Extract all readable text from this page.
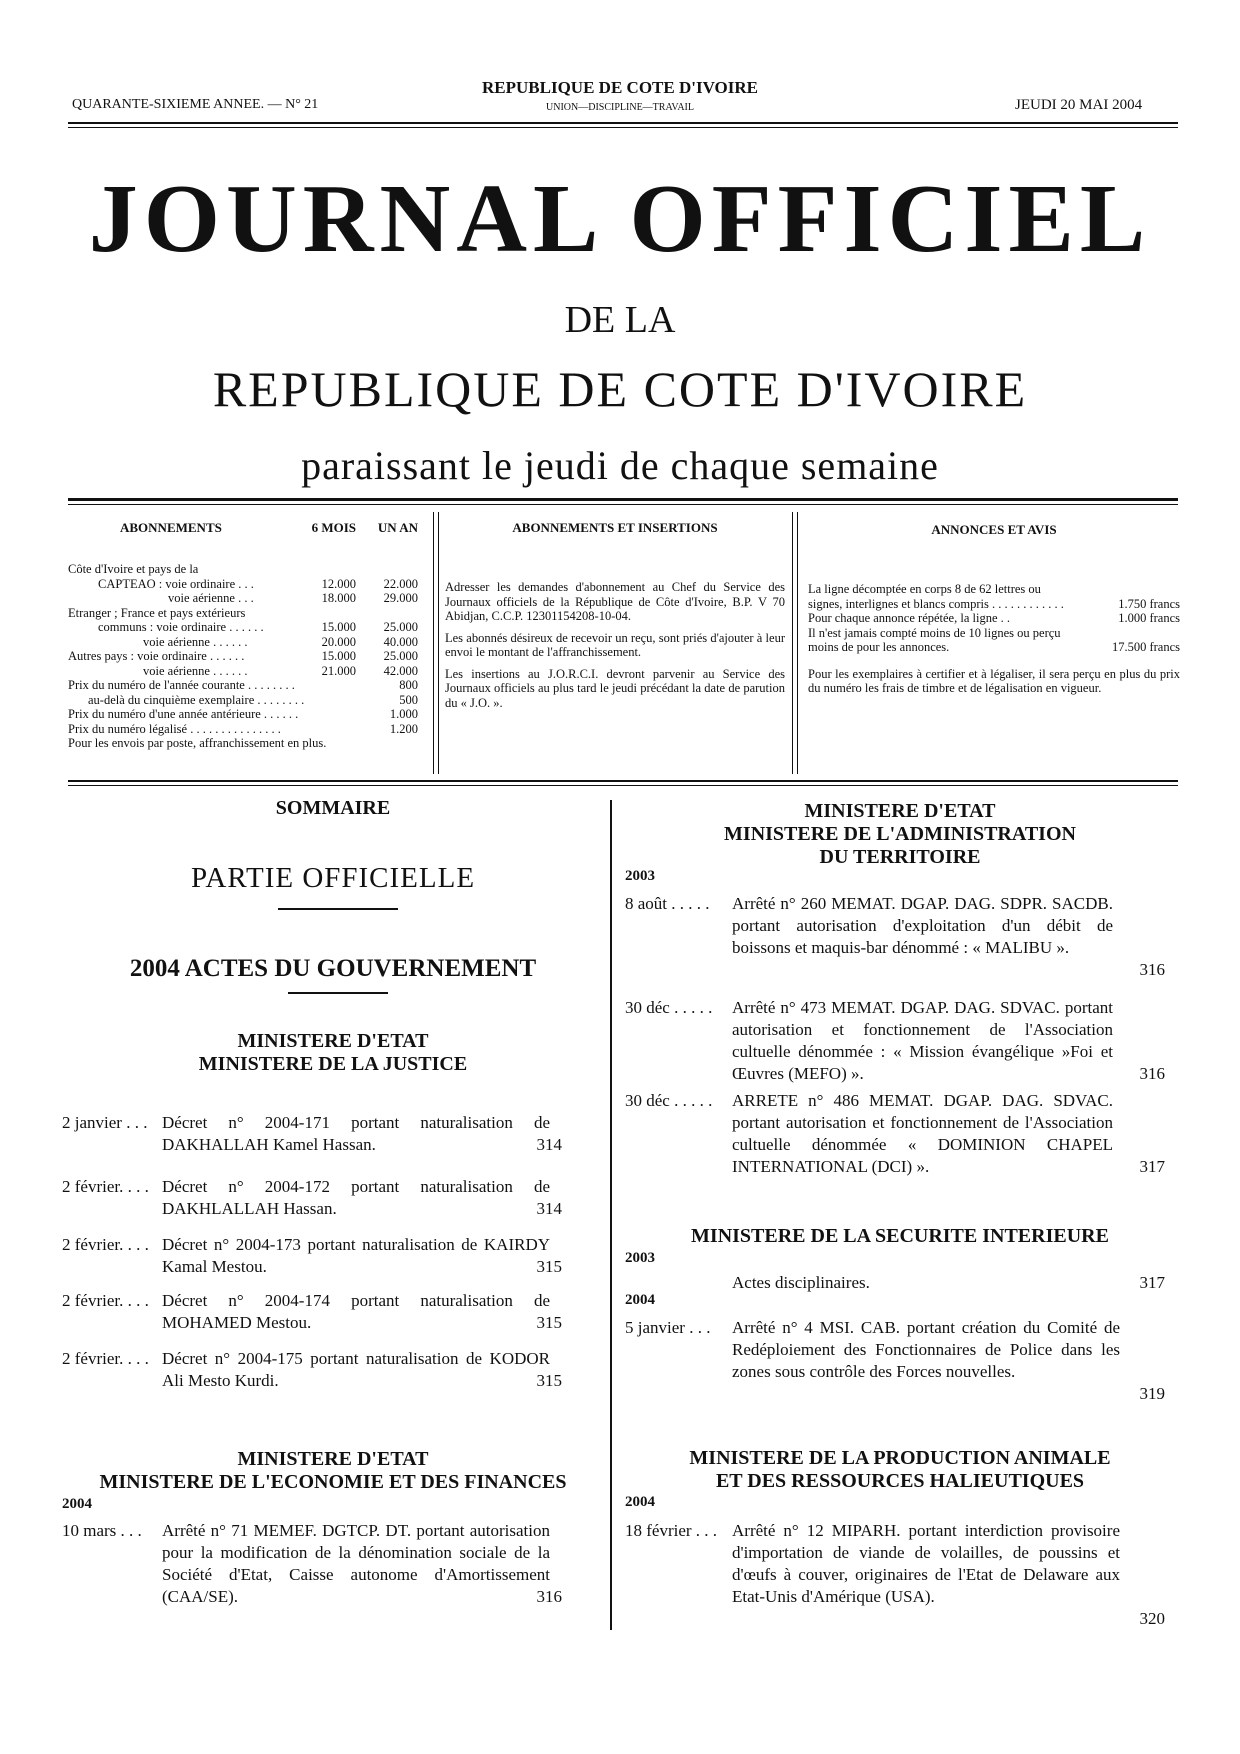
QUARANTE-SIXIEME ANNEE. — N° 21
REPUBLIQUE DE COTE D'IVOIRE
UNION—DISCIPLINE—TRAVAIL	JEUDI 20 MAI 2004
JOURNAL OFFICIEL
DE LA
REPUBLIQUE DE COTE D'IVOIRE
paraissant le jeudi de chaque semaine
ABONNEMENTS	6 MOIS	UN AN
Côte d'Ivoire et pays de la
CAPTEAO : voie ordinaire . . .	12.000	22.000
voie aérienne . . .	18.000	29.000
Etranger ; France et pays extérieurs
communs : voie ordinaire . . . . . .	15.000	25.000
voie aérienne . . . . . .	20.000	40.000
Autres pays : voie ordinaire . . . . . .	15.000	25.000
voie aérienne . . . . . .	21.000	42.000
Prix du numéro de l'année courante . . . . . . . .	800
au-delà du cinquième exemplaire . . . . . . . .	500
Prix du numéro d'une année antérieure . . . . . .	1.000
Prix du numéro légalisé . . . . . . . . . . . . . . .	1.200
Pour les envois par poste, affranchissement en plus.
ABONNEMENTS ET INSERTIONS
Adresser les demandes d'abonnement au Chef du Service des Journaux officiels de la République de Côte d'Ivoire, B.P. V 70 Abidjan, C.C.P. 12301154208-10-04.
Les abonnés désireux de recevoir un reçu, sont priés d'ajouter à leur envoi le montant de l'affranchissement.
Les insertions au J.O.R.C.I. devront parvenir au Service des Journaux officiels au plus tard le jeudi précédant la date de parution du « J.O. ».
ANNONCES ET AVIS
La ligne décomptée en corps 8 de 62 lettres ou signes, interlignes et blancs compris . . . . . . . . . . . .	1.750 francs
Pour chaque annonce répétée, la ligne . .	1.000 francs
Il n'est jamais compté moins de 10 lignes ou perçu moins de pour les annonces.	17.500 francs
Pour les exemplaires à certifier et à légaliser, il sera perçu en plus du prix du numéro les frais de timbre et de légalisation en vigueur.
SOMMAIRE
PARTIE OFFICIELLE
2004 ACTES DU GOUVERNEMENT
MINISTERE D'ETAT
MINISTERE DE LA JUSTICE
2 janvier . . . Décret n° 2004-171 portant naturalisation de DAKHALLAH Kamel Hassan.	314
2 février. . . . Décret n° 2004-172 portant naturalisation de DAKHLALLAH Hassan.	314
2 février. . . . Décret n° 2004-173 portant naturalisation de KAIRDY Kamal Mestou.	315
2 février. . . . Décret n° 2004-174 portant naturalisation de MOHAMED Mestou.	315
2 février. . . . Décret n° 2004-175 portant naturalisation de KODOR Ali Mesto Kurdi.	315
MINISTERE D'ETAT
MINISTERE DE L'ECONOMIE ET DES FINANCES
2004
10 mars . . .	Arrêté n° 71 MEMEF. DGTCP. DT. portant autorisation pour la modification de la dénomination sociale de la Société d'Etat, Caisse autonome d'Amortissement (CAA/SE).	316
MINISTERE D'ETAT
MINISTERE DE L'ADMINISTRATION
DU TERRITOIRE
2003
8 août . . . . .	Arrêté n° 260 MEMAT. DGAP. DAG. SDPR. SACDB. portant autorisation d'exploitation d'un débit de boissons et maquis-bar dénommé : « MALIBU ».
316
30 déc . . . . .	Arrêté n° 473 MEMAT. DGAP. DAG. SDVAC. portant autorisation et fonctionnement de l'Association cultuelle dénommée : « Mission évangélique »Foi et Œuvres (MEFO) ».	316
30 déc . . . . .	ARRETE n° 486 MEMAT. DGAP. DAG. SDVAC. portant autorisation et fonctionnement de l'Association cultuelle dénommée « DOMINION CHAPEL INTERNATIONAL (DCI) ».	317
MINISTERE DE LA SECURITE INTERIEURE
2003
Actes disciplinaires.	317
2004
5 janvier . . .	Arrêté n° 4 MSI. CAB. portant création du Comité de Redéploiement des Fonctionnaires de Police dans les zones sous contrôle des Forces nouvelles.
319
MINISTERE DE LA PRODUCTION ANIMALE
ET DES RESSOURCES HALIEUTIQUES
2004
18 février . . . Arrêté n° 12 MIPARH. portant interdiction provisoire d'importation de viande de volailles, de poussins et d'œufs à couver, originaires de l'Etat de Delaware aux Etat-Unis d'Amérique (USA).
320
